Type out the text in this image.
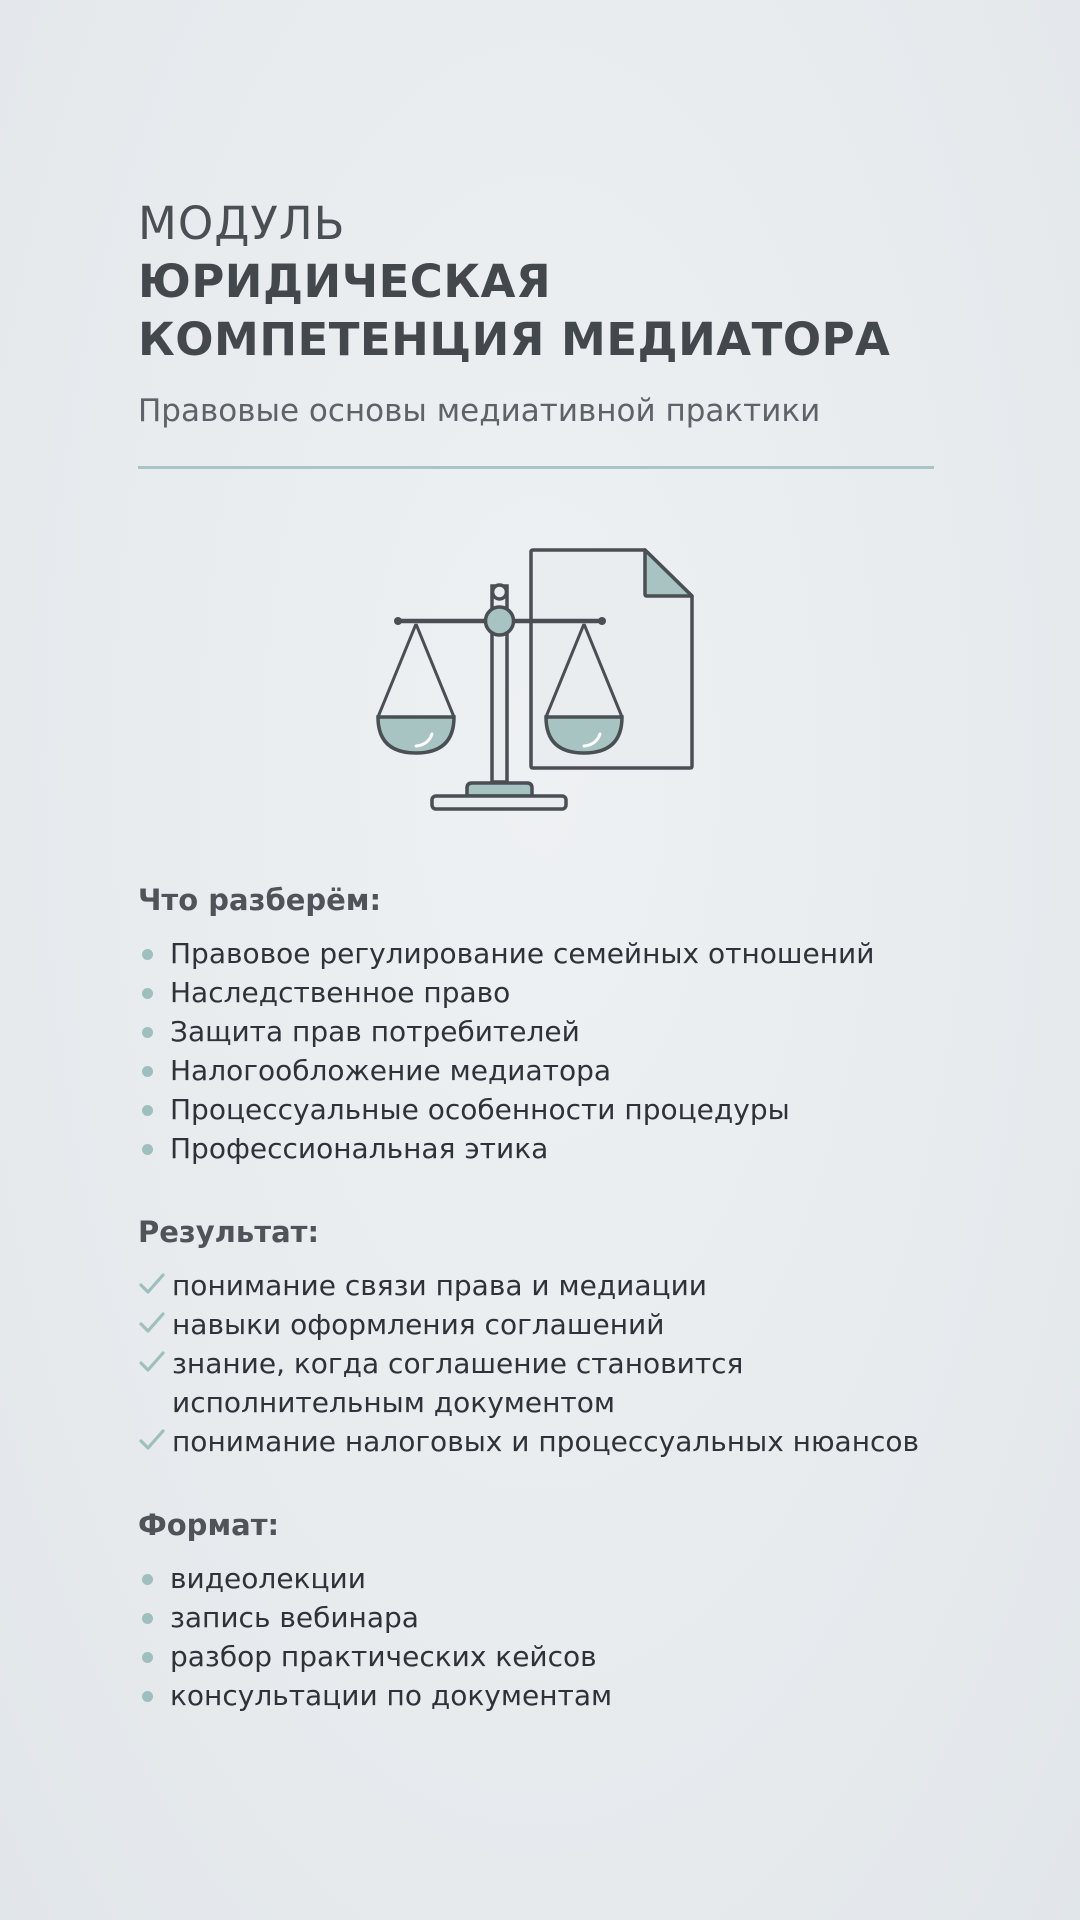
МОДУЛЬ
ЮРИДИЧЕСКАЯ
КОМПЕТЕНЦИЯ МЕДИАТОРА
Правовые основы медиативной практики
Что разберём:
Правовое регулирование семейных отношений
Наследственное право
Защита прав потребителей
Налогообложение медиатора
Процессуальные особенности процедуры
Профессиональная этика
Результат:
понимание связи права и медиации
навыки оформления соглашений
знание, когда соглашение становится
исполнительным документом
понимание налоговых и процессуальных нюансов
Формат:
видеолекции
запись вебинара
разбор практических кейсов
консультации по документам
